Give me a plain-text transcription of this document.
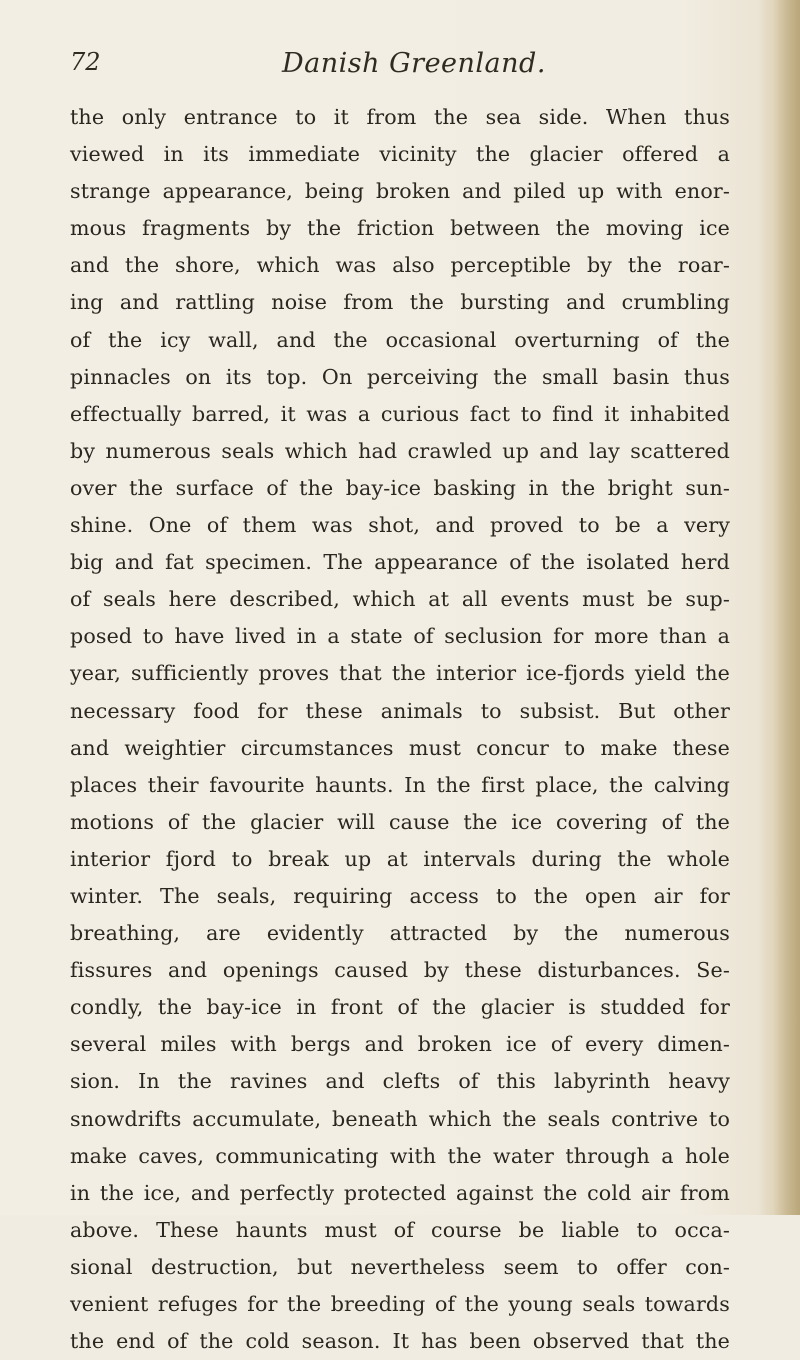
72	Danish Greenland.
the only entrance to it from the sea side. When thus
viewed in its immediate vicinity the glacier offered a
strange appearance, being broken and piled up with enor-
mous fragments by the friction between the moving ice
and the shore, which was also perceptible by the roar-
ing and rattling noise from the bursting and crumbling
of the icy wall, and the occasional overturning of the
pinnacles on its top. On perceiving the small basin thus
effectually barred, it was a curious fact to find it inhabited
by numerous seals which had crawled up and lay scattered
over the surface of the bay-ice basking in the bright sun-
shine. One of them was shot, and proved to be a very
big and fat specimen. The appearance of the isolated herd
of seals here described, which at all events must be sup-
posed to have lived in a state of seclusion for more than a
year, sufficiently proves that the interior ice-fjords yield the
necessary food for these animals to subsist. But other
and weightier circumstances must concur to make these
places their favourite haunts. In the first place, the calving
motions of the glacier will cause the ice covering of the
interior fjord to break up at intervals during the whole
winter. The seals, requiring access to the open air for
breathing, are evidently attracted by the numerous
fissures and openings caused by these disturbances. Se-
condly, the bay-ice in front of the glacier is studded for
several miles with bergs and broken ice of every dimen-
sion. In the ravines and clefts of this labyrinth heavy
snowdrifts accumulate, beneath which the seals contrive to
make caves, communicating with the water through a hole
in the ice, and perfectly protected against the cold air from
above. These haunts must of course be liable to occa-
sional destruction, but nevertheless seem to offer con-
venient refuges for the breeding of the young seals towards
the end of the cold season. It has been observed that the
